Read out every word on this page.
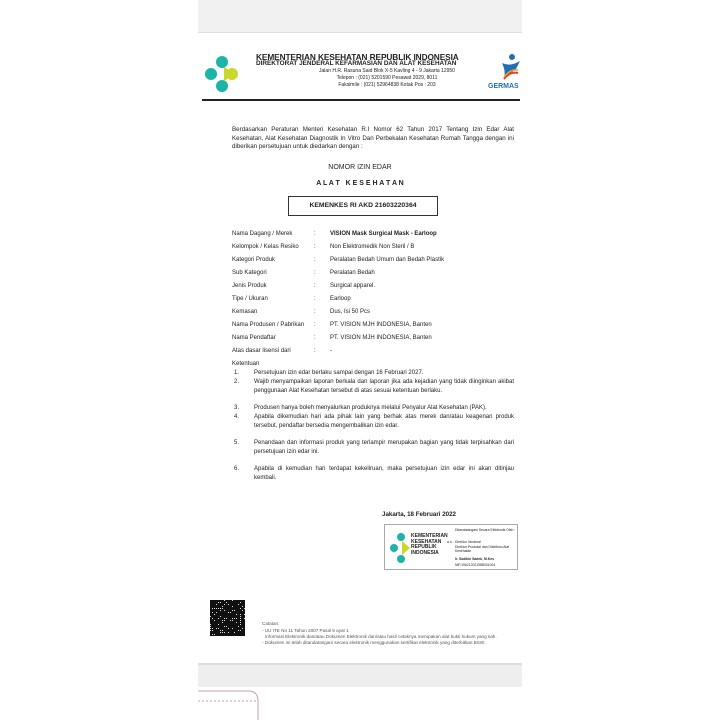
KEMENTERIAN KESEHATAN REPUBLIK INDONESIA
DIREKTORAT JENDERAL KEFARMASIAN DAN ALAT KESEHATAN
Jalan H.R. Rasuna Said Blok X-5 Kavling 4 - 9 Jakarta 12950
Telepon : (021) 5201590 Pesawat 2029, 8011
Faksimile : (021) 52964838 Kotak Pos : 203	GERMAS
Berdasarkan Peraturan Menteri Kesehatan R.I Nomor 62 Tahun 2017 Tentang Izin Edar Alat Kesehatan, Alat Kesehatan Diagnostik In Vitro Dan Perbekalan Kesehatan Rumah Tangga dengan ini diberikan persetujuan untuk diedarkan dengan :
NOMOR IZIN EDAR
A L A T   K E S E H A T A N
KEMENKES RI AKD 21603220364
Nama Dagang / Merek	:	VISION Mask Surgical Mask - Earloop
Kelompok / Kelas Resiko	:	Non Elektromedik Non Steril / B
Kategori Produk	:	Peralatan Bedah Umum dan Bedah Plastik
Sub Kategori	:	Peralatan Bedah
Jenis Produk	:	Surgical apparel.
Tipe / Ukuran	:	Earloop
Kemasan	:	Dus, Isi 50 Pcs
Nama Produsen / Pabrikan	:	PT. VISION MJH INDONESIA, Banten
Nama Pendaftar	:	PT. VISION MJH INDONESIA, Banten
Atas dasar lisensi dari	:	-
Ketentuan
1.	Persetujuan izin edar berlaku sampai dengan 16 Februari 2027.
2.	Wajib menyampaikan laporan berkala dan laporan jika ada kejadian yang tidak diinginkan akibat penggunaan Alat Kesehatan tersebut di atas sesuai ketentuan berlaku.
3.	Produsen hanya boleh menyalurkan produknya melalui Penyalur Alat Kesehatan (PAK).
4.	Apabila dikemudian hari ada pihak lain yang berhak atas merek dan/atau keagenan produk tersebut, pendaftar bersedia mengembalikan izin edar.
5.	Penandaan dan informasi produk yang terlampir merupakan bagian yang tidak terpisahkan dari persetujuan izin edar ini.
6.	Apabila di kemudian hari terdapat kekeliruan, maka persetujuan izin edar ini akan ditinjau kembali.
Jakarta, 18 Februari 2022
KEMENTERIAN KESEHATAN REPUBLIK INDONESIA
Ditandatangani Secara Elektronik Oleh :
a.n. Direktur Jenderal
Direktur Produksi dan Distribusi Alat Kesehatan
Ir. Sodikin Sadek, M.Kes
NIP.196212021988031004
Catatan:
- UU ITE No 11 Tahun 2007 Pasal 5 ayat 1
Informasi Elektronik dan/atau Dokumen Elektronik dan/atau hasil cetaknya merupakan alat bukti hukum yang sah.
- Dokumen ini telah ditandatangani secara elektronik menggunakan sertifikat elektronik yang diterbitkan BSrE.
